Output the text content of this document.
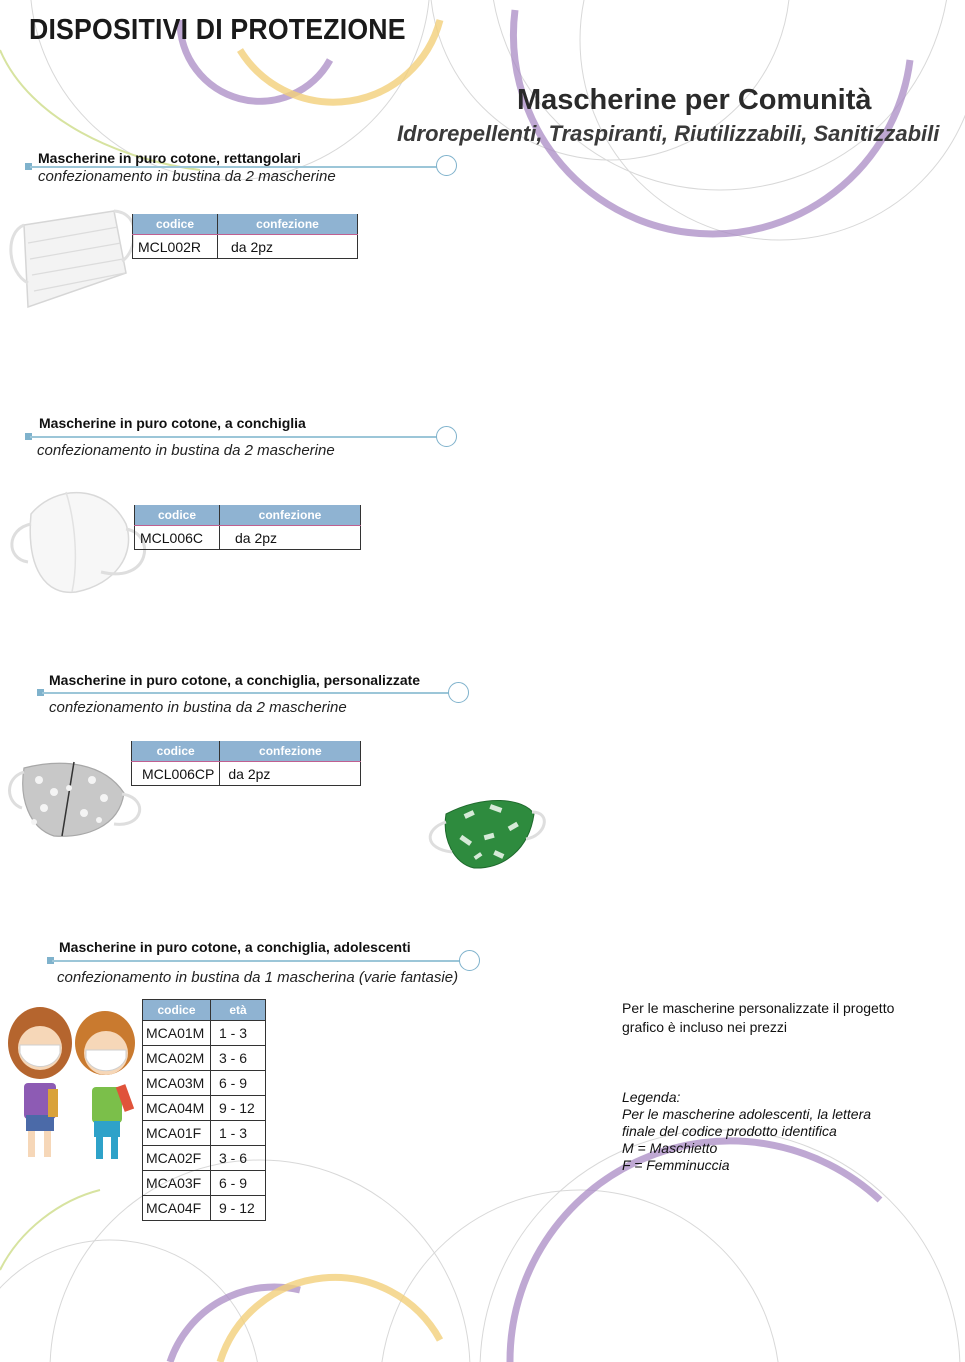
DISPOSITIVI DI PROTEZIONE
Mascherine per Comunità
Idrorepellenti, Traspiranti, Riutilizzabili, Sanitizzabili
Mascherine in puro cotone, rettangolari
confezionamento in bustina da 2 mascherine
codice	confezione
MCL002R	da 2pz
Mascherine in puro cotone, a conchiglia
confezionamento in bustina da 2 mascherine
codice	confezione
MCL006C	da 2pz
Mascherine in puro cotone, a conchiglia, personalizzate
confezionamento in bustina da 2 mascherine
codice	confezione
MCL006CP	da 2pz
Mascherine in puro cotone, a conchiglia, adolescenti
confezionamento in bustina da 1 mascherina (varie fantasie)
codice	età
MCA01M	1 - 3
MCA02M	3 - 6
MCA03M	6 - 9
MCA04M	9 - 12
MCA01F	1 - 3
MCA02F	3 - 6
MCA03F	6 - 9
MCA04F	9 - 12
Per le mascherine personalizzate il progetto
grafico è incluso nei prezzi
Legenda:
Per le mascherine adolescenti, la lettera
finale del codice prodotto identifica
M = Maschietto
F = Femminuccia
